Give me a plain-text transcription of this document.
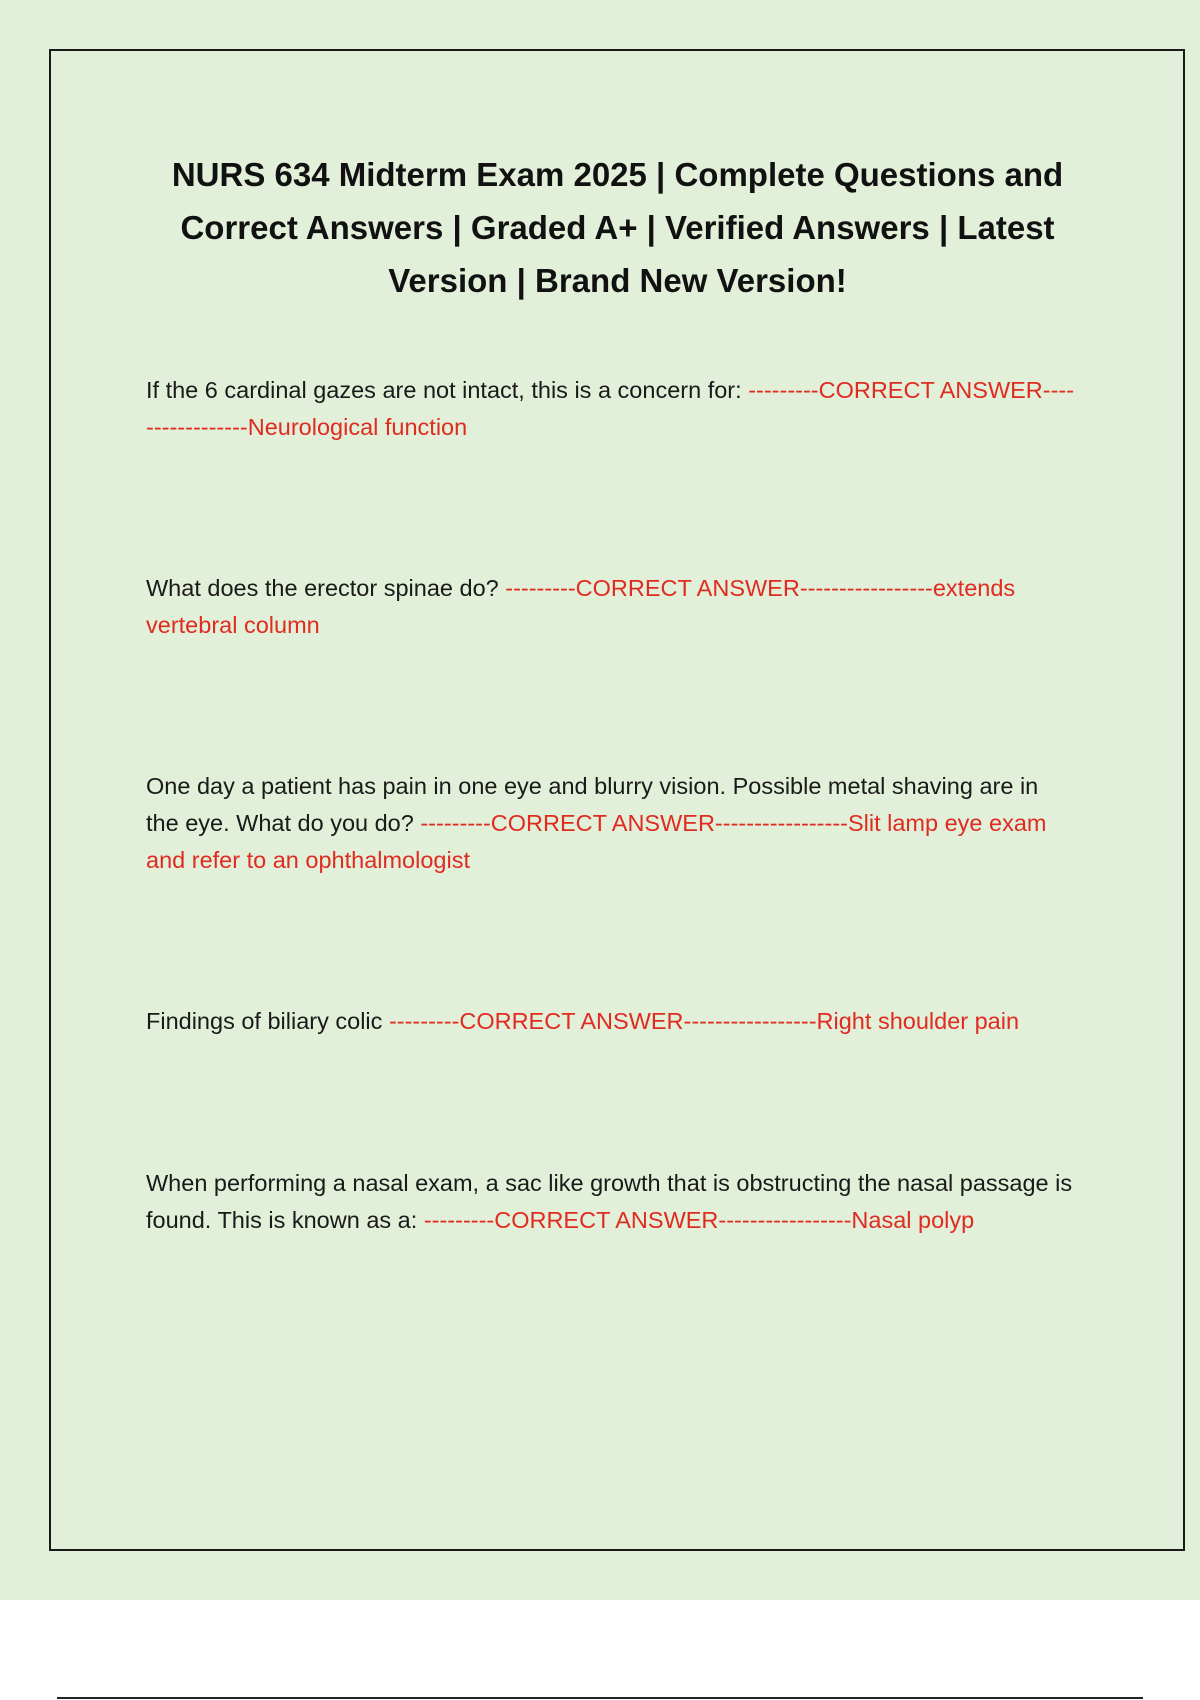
NURS 634 Midterm Exam 2025 | Complete Questions and Correct Answers | Graded A+ | Verified Answers | Latest Version | Brand New Version!

If the 6 cardinal gazes are not intact, this is a concern for: ---------CORRECT ANSWER-----------------Neurological function

What does the erector spinae do? ---------CORRECT ANSWER-----------------extends vertebral column

One day a patient has pain in one eye and blurry vision. Possible metal shaving are in the eye. What do you do? ---------CORRECT ANSWER-----------------Slit lamp eye exam and refer to an ophthalmologist

Findings of biliary colic ---------CORRECT ANSWER-----------------Right shoulder pain

When performing a nasal exam, a sac like growth that is obstructing the nasal passage is found. This is known as a: ---------CORRECT ANSWER-----------------Nasal polyp
